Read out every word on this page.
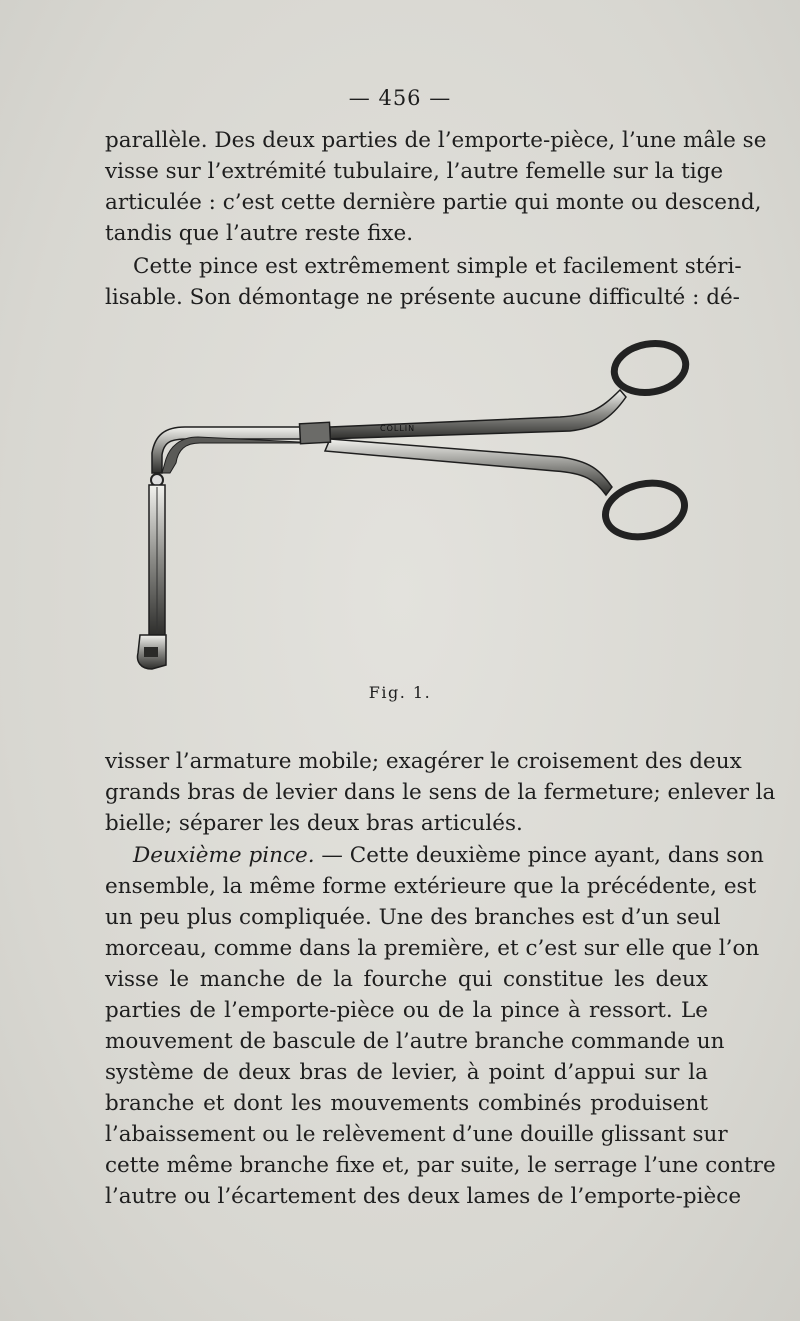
— 456 —
parallèle. Des deux parties de l’emporte-pièce, l’une mâle se
visse sur l’extrémité tubulaire, l’autre femelle sur la tige
articulée : c’est cette dernière partie qui monte ou descend,
tandis que l’autre reste fixe.
Cette pince est extrêmement simple et facilement stéri-
lisable. Son démontage ne présente aucune difficulté : dé-
COLLIN
Fig. 1.
visser l’armature mobile; exagérer le croisement des deux
grands bras de levier dans le sens de la fermeture; enlever la
bielle; séparer les deux bras articulés.
Deuxième pince. — Cette deuxième pince ayant, dans son
ensemble, la même forme extérieure que la précédente, est
un peu plus compliquée. Une des branches est d’un seul
morceau, comme dans la première, et c’est sur elle que l’on
visse le manche de la fourche qui constitue les deux
parties de l’emporte-pièce ou de la pince à ressort. Le
mouvement de bascule de l’autre branche commande un
système de deux bras de levier, à point d’appui sur la
branche et dont les mouvements combinés produisent
l’abaissement ou le relèvement d’une douille glissant sur
cette même branche fixe et, par suite, le serrage l’une contre
l’autre ou l’écartement des deux lames de l’emporte-pièce
